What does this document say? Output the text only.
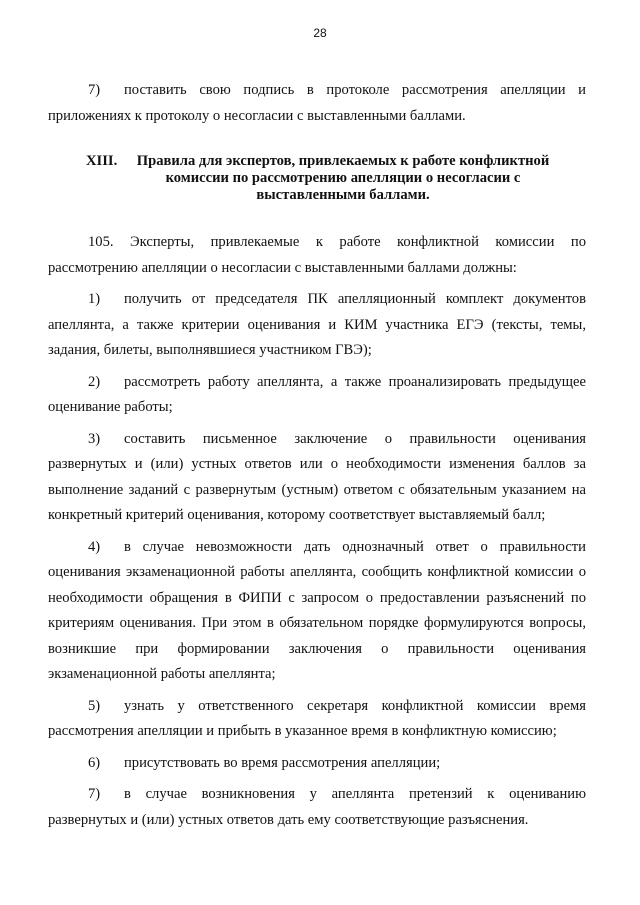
28

7) поставить свою подпись в протоколе рассмотрения апелляции и приложениях к протоколу о несогласии с выставленными баллами.

XIII.	Правила для экспертов, привлекаемых к работе конфликтной комиссии по рассмотрению апелляции о несогласии с выставленными баллами.

105. Эксперты, привлекаемые к работе конфликтной комиссии по рассмотрению апелляции о несогласии с выставленными баллами должны:

1) получить от председателя ПК апелляционный комплект документов апеллянта, а также критерии оценивания и КИМ участника ЕГЭ (тексты, темы, задания, билеты, выполнявшиеся участником ГВЭ);

2) рассмотреть работу апеллянта, а также проанализировать предыдущее оценивание работы;

3) составить письменное заключение о правильности оценивания развернутых и (или) устных ответов или о необходимости изменения баллов за выполнение заданий с развернутым (устным) ответом с обязательным указанием на конкретный критерий оценивания, которому соответствует выставляемый балл;

4) в случае невозможности дать однозначный ответ о правильности оценивания экзаменационной работы апеллянта, сообщить конфликтной комиссии о необходимости обращения в ФИПИ с запросом о предоставлении разъяснений по критериям оценивания. При этом в обязательном порядке формулируются вопросы, возникшие при формировании заключения о правильности оценивания экзаменационной работы апеллянта;

5) узнать у ответственного секретаря конфликтной комиссии время рассмотрения апелляции и прибыть в указанное время в конфликтную комиссию;

6) присутствовать во время рассмотрения апелляции;

7) в случае возникновения у апеллянта претензий к оцениванию развернутых и (или) устных ответов дать ему соответствующие разъяснения.
